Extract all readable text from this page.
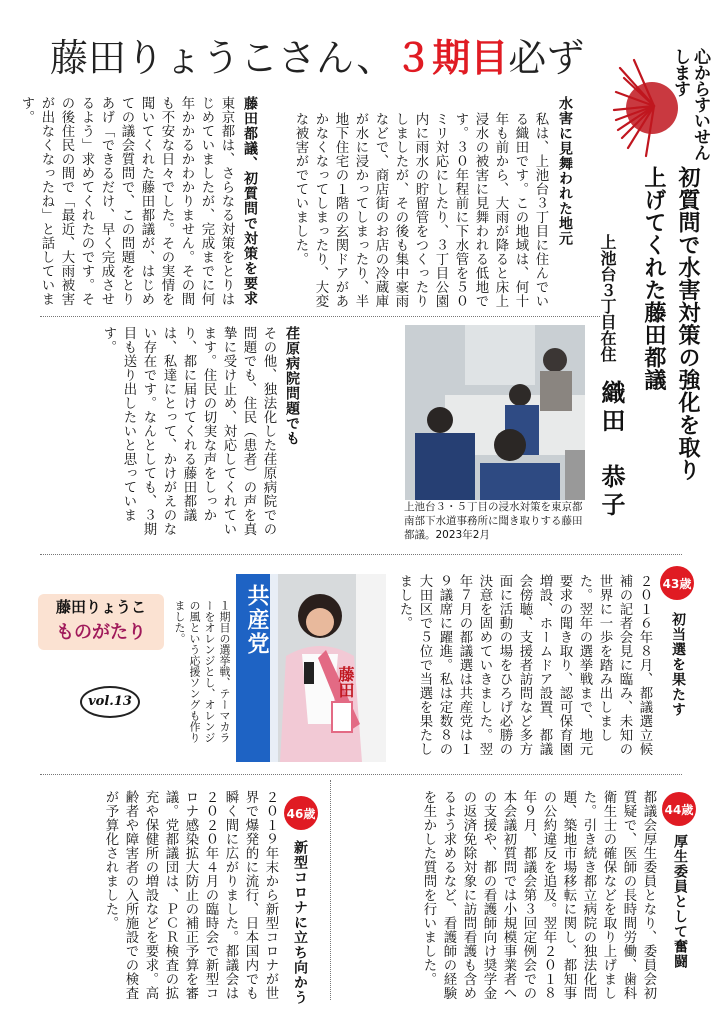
藤田りょうこさん、３期目必ず	心からすいせんします
初質問で水害対策の強化を取り上げてくれた藤田都議
上池台３丁目在住
織田　恭子
水害に見舞われた地元
私は、上池台３丁目に住んでいる織田です。この地域は、何十年も前から、大雨が降ると床上浸水の被害に見舞われる低地です。３０年程前に下水管を５０ミリ対応にしたり、３丁目公園内に雨水の貯留管をつくったりしましたが、その後も集中豪雨などで、商店街のお店の冷蔵庫が水に浸かってしまったり、半地下住宅の１階の玄関ドアがあかなくなってしまったり、大変な被害がでていました。
藤田都議、初質問で対策を要求
東京都は、さらなる対策をとりはじめていましたが、完成までに何年かかるかわかりません。その間も不安な日々でした。その実情を聞いてくれた藤田都議が、はじめての議会質問で、この問題をとりあげ「できるだけ、早く完成させるよう」求めてくれたのです。その後住民の間で「最近、大雨被害が出なくなったね」と話しています。
上池台３・５丁目の浸水対策を東京都南部下水道事務所に聞き取りする藤田都議。2023年2月
荏原病院問題でも
その他、独法化した荏原病院での問題でも、住民（患者）の声を真摯に受け止め、対応してくれています。住民の切実な声をしっかり、都に届けてくれる藤田都議は、私達にとって、かけがえのない存在です。なんとしても、３期目も送り出したいと思っています。
藤田りょうこ
ものがたり
vol.13	１期目の選挙戦、テーマカラーをオレンジとし、オレンジの風という応援ソングも作りました。	共産党
藤田
43歳
初当選を果たす
２０１６年８月、都議選立候補の記者会見に臨み、未知の世界に一歩を踏み出しました。翌年の選挙戦まで、地元要求の聞き取り、認可保育園増設、ホームドア設置、都議会傍聴、支援者訪問など多方面に活動の場をひろげ必勝の決意を固めていきました。翌年７月の都議選は共産党は１９議席に躍進。私は定数８の大田区で５位で当選を果たしました。
44歳
厚生委員として奮闘
都議会厚生委員となり、委員会初質疑で、医師の長時間労働、歯科衛生士の確保などを取り上げました。引き続き都立病院の独法化問題、築地市場移転に関し、都知事の公約違反を追及。翌年２０１８年９月、都議会第３回定例会での本会議初質問では小規模事業者への支援や、都の看護師向け奨学金の返済免除対象に訪問看護も含めるよう求めるなど、看護師の経験を生かした質問を行いました。
46歳
新型コロナに立ち向かう
２０１９年末から新型コロナが世界で爆発的に流行、日本国内でも瞬く間に広がりました。都議会は２０２０年４月の臨時会で新型コロナ感染拡大防止の補正予算を審議。党都議団は、ＰＣＲ検査の拡充や保健所の増設などを要求。高齢者や障害者の入所施設での検査が予算化されました。
